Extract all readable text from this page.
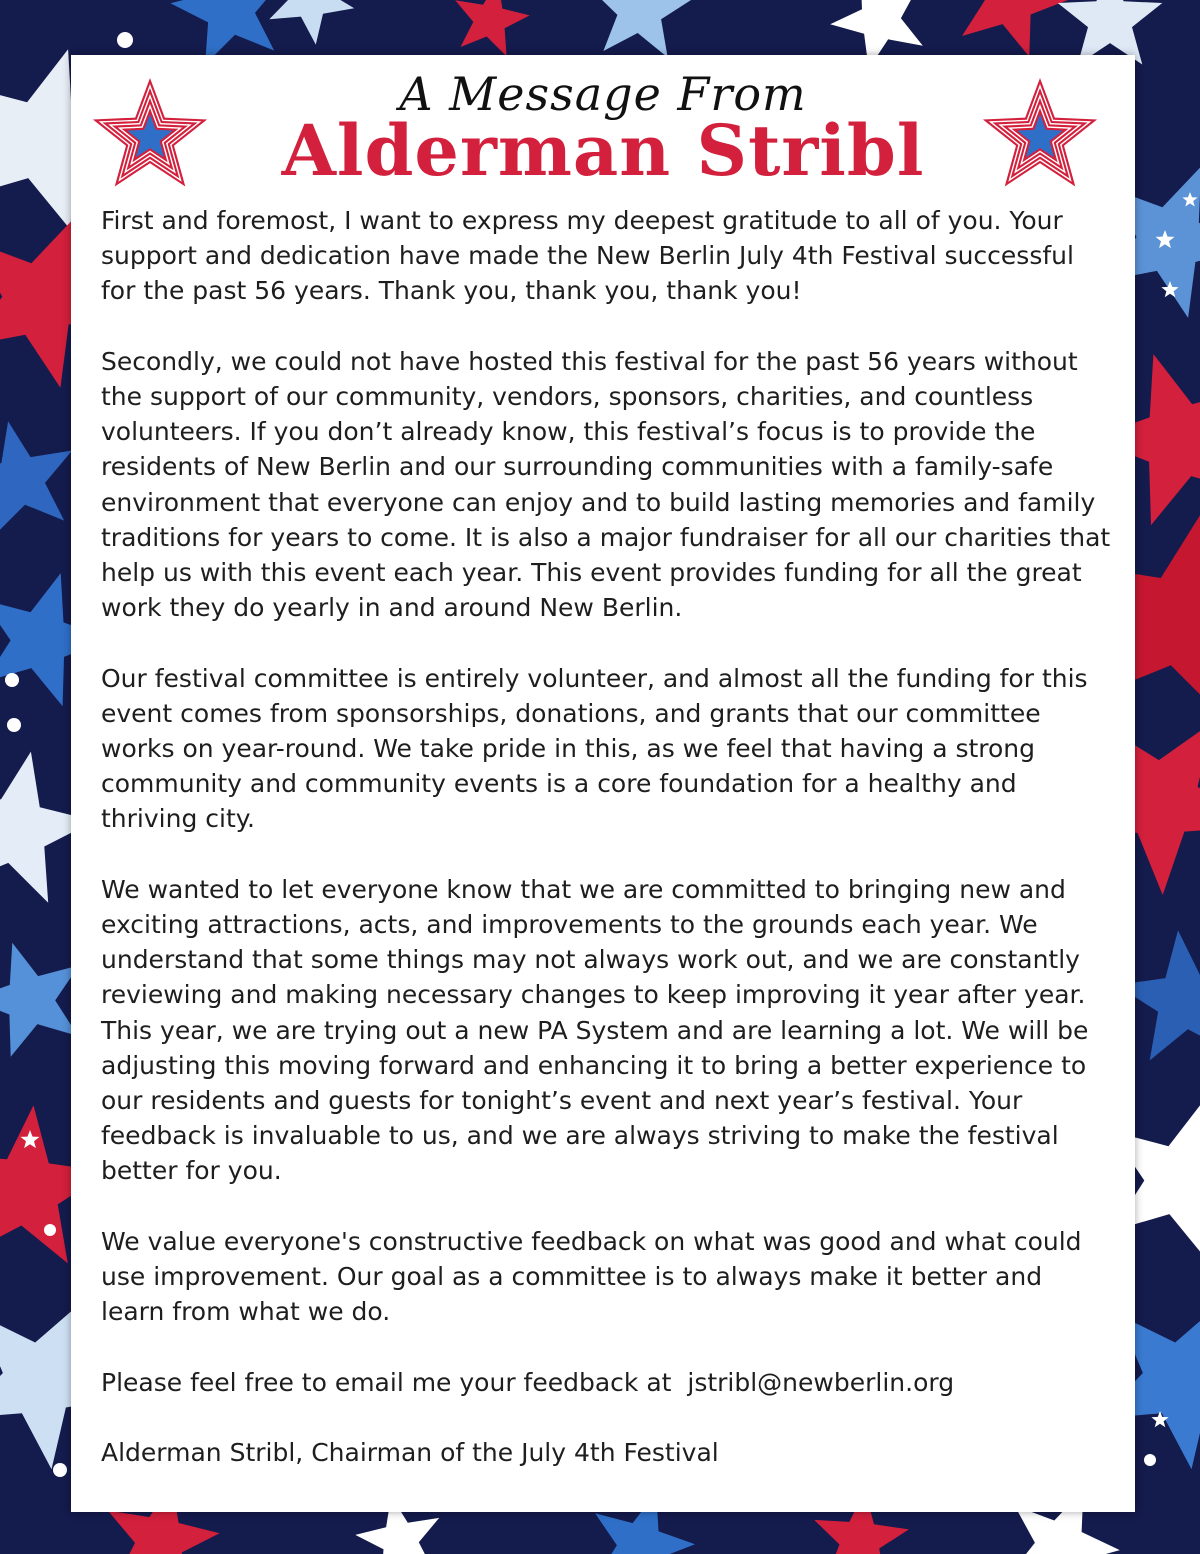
A Message From
Alderman Stribl

First and foremost, I want to express my deepest gratitude to all of you. Your support and dedication have made the New Berlin July 4th Festival successful for the past 56 years. Thank you, thank you, thank you!

Secondly, we could not have hosted this festival for the past 56 years without the support of our community, vendors, sponsors, charities, and countless volunteers. If you don’t already know, this festival’s focus is to provide the residents of New Berlin and our surrounding communities with a family-safe environment that everyone can enjoy and to build lasting memories and family traditions for years to come. It is also a major fundraiser for all our charities that help us with this event each year. This event provides funding for all the great work they do yearly in and around New Berlin.

Our festival committee is entirely volunteer, and almost all the funding for this event comes from sponsorships, donations, and grants that our committee works on year-round. We take pride in this, as we feel that having a strong community and community events is a core foundation for a healthy and thriving city.

We wanted to let everyone know that we are committed to bringing new and exciting attractions, acts, and improvements to the grounds each year. We understand that some things may not always work out, and we are constantly reviewing and making necessary changes to keep improving it year after year. This year, we are trying out a new PA System and are learning a lot. We will be adjusting this moving forward and enhancing it to bring a better experience to our residents and guests for tonight’s event and next year’s festival. Your feedback is invaluable to us, and we are always striving to make the festival better for you.

We value everyone's constructive feedback on what was good and what could use improvement. Our goal as a committee is to always make it better and learn from what we do.

Please feel free to email me your feedback at jstribl@newberlin.org

Alderman Stribl, Chairman of the July 4th Festival
